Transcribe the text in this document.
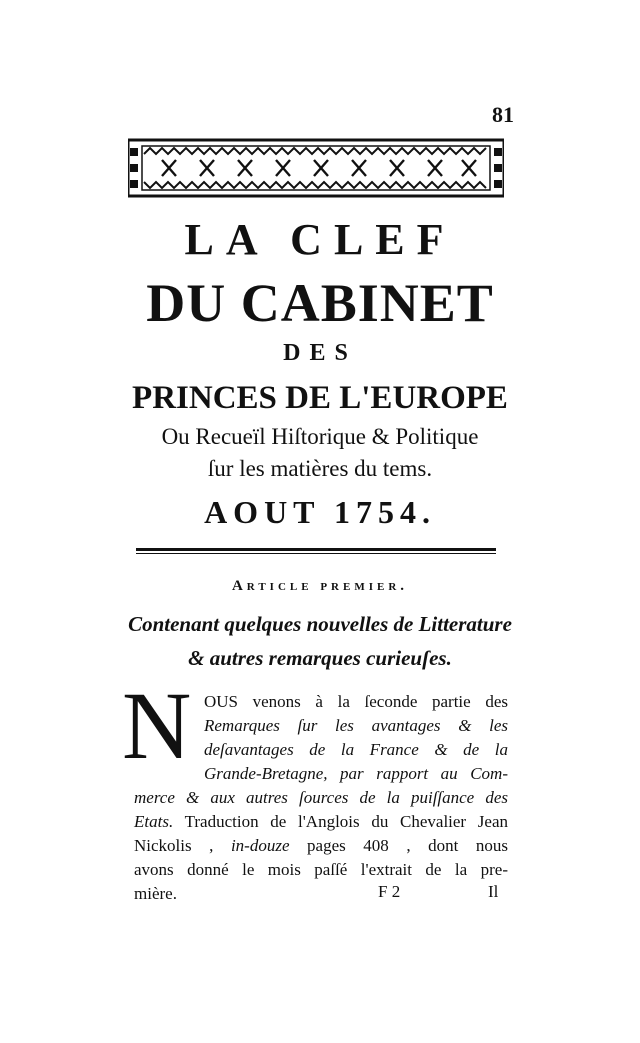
81
LA CLEF
DU CABINET
DES
PRINCES DE L'EUROPE
Ou Recueïl Hiſtorique & Politique
ſur les matières du tems.
AOUT 1754.
Article premier.
Contenant quelques nouvelles de Litterature
& autres remarques curieuſes.
N OUS venons à la ſeconde partie des
Remarques ſur les avantages & les
deſavantages de la France & de la
Grande-Bretagne, par rapport au Com-
merce & aux autres ſources de la puiſſance des
Etats. Traduction de l'Anglois du Chevalier Jean
Nickolis , in-douze pages 408 , dont nous
avons donné le mois paſſé l'extrait de la pre-
mière.	F 2	Il
